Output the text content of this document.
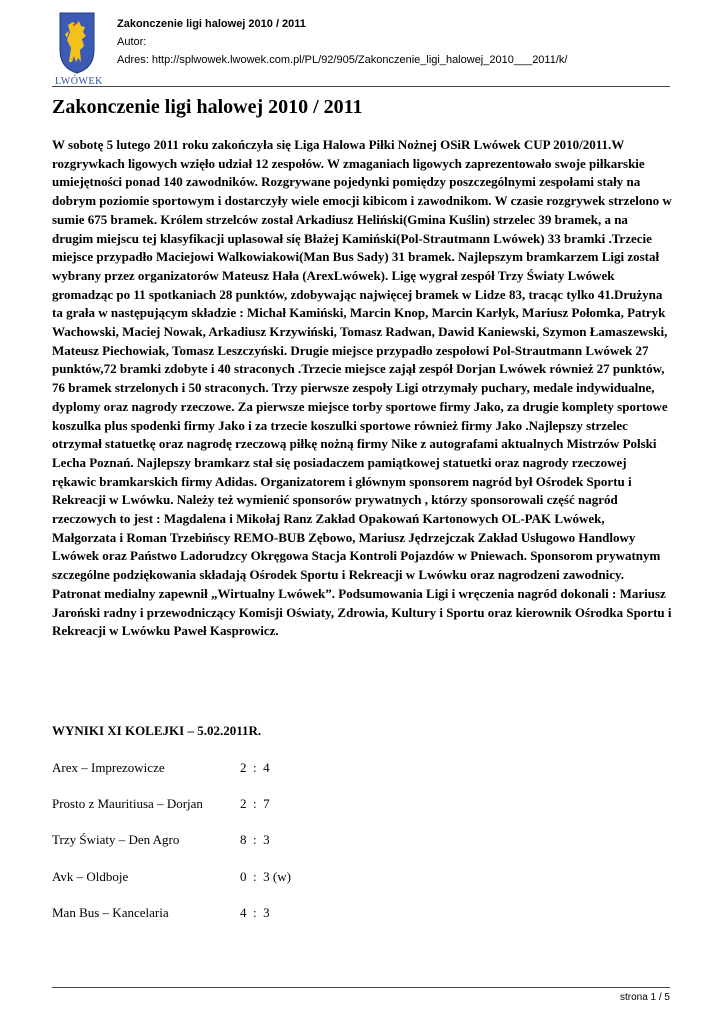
LWÓWEK
Zakonczenie ligi halowej 2010 / 2011
Autor:
Adres: http://splwowek.lwowek.com.pl/PL/92/905/Zakonczenie_ligi_halowej_2010___2011/k/
Zakonczenie ligi halowej 2010 / 2011

W sobotę 5 lutego 2011 roku zakończyła się Liga Halowa Piłki Nożnej OSiR Lwówek CUP 2010/2011.W rozgrywkach ligowych wzięło udział 12 zespołów. W zmaganiach ligowych zaprezentowało swoje piłkarskie umiejętności ponad 140 zawodników. Rozgrywane pojedynki pomiędzy poszczególnymi zespołami stały na dobrym poziomie sportowym i dostarczyły wiele emocji kibicom i zawodnikom. W czasie rozgrywek strzelono w sumie 675 bramek. Królem strzelców został Arkadiusz Heliński(Gmina Kuślin) strzelec 39 bramek, a na drugim miejscu tej klasyfikacji uplasował się Błażej Kamiński(Pol-Strautmann Lwówek) 33 bramki .Trzecie miejsce przypadło Maciejowi Walkowiakowi(Man Bus Sady) 31 bramek. Najlepszym bramkarzem Ligi został wybrany przez organizatorów Mateusz Hała (ArexLwówek). Ligę wygrał zespół Trzy Światy Lwówek gromadząc po 11 spotkaniach 28 punktów, zdobywając najwięcej bramek w Lidze 83, tracąc tylko 41.Drużyna ta grała w następującym składzie : Michał Kamiński, Marcin Knop, Marcin Karłyk, Mariusz Połomka, Patryk Wachowski, Maciej Nowak, Arkadiusz Krzywiński, Tomasz Radwan, Dawid Kaniewski, Szymon Łamaszewski, Mateusz Piechowiak, Tomasz Leszczyński. Drugie miejsce przypadło zespołowi Pol-Strautmann Lwówek 27 punktów,72 bramki zdobyte i 40 straconych .Trzecie miejsce zajął zespół Dorjan Lwówek również 27 punktów, 76 bramek strzelonych i 50 straconych. Trzy pierwsze zespoły Ligi otrzymały puchary, medale indywidualne, dyplomy oraz nagrody rzeczowe. Za pierwsze miejsce torby sportowe firmy Jako, za drugie komplety sportowe koszulka plus spodenki firmy Jako i za trzecie koszulki sportowe również firmy Jako .Najlepszy strzelec otrzymał statuetkę oraz nagrodę rzeczową piłkę nożną firmy Nike z autografami aktualnych Mistrzów Polski Lecha Poznań. Najlepszy bramkarz stał się posiadaczem pamiątkowej statuetki oraz nagrody rzeczowej rękawic bramkarskich firmy Adidas. Organizatorem i głównym sponsorem nagród był Ośrodek Sportu i Rekreacji w Lwówku. Należy też wymienić sponsorów prywatnych , którzy sponsorowali część nagród rzeczowych to jest : Magdalena i Mikołaj Ranz Zakład Opakowań Kartonowych OL-PAK Lwówek, Małgorzata i Roman Trzebińscy REMO-BUB Zębowo, Mariusz Jędrzejczak Zakład Usługowo Handlowy Lwówek oraz Państwo Ladorudzcy Okręgowa Stacja Kontroli Pojazdów w Pniewach. Sponsorom prywatnym szczególne podziękowania składają Ośrodek Sportu i Rekreacji w Lwówku oraz nagrodzeni zawodnicy. Patronat medialny zapewnił „Wirtualny Lwówek”. Podsumowania Ligi i wręczenia nagród dokonali : Mariusz Jaroński radny i przewodniczący Komisji Oświaty, Zdrowia, Kultury i Sportu oraz kierownik Ośrodka Sportu i Rekreacji w Lwówku Paweł Kasprowicz.

WYNIKI XI KOLEJKI – 5.02.2011R.
Arex – Imprezowicze	2  :  4
Prosto z Mauritiusa – Dorjan	2  :  7
Trzy Światy – Den Agro	8  :  3
Avk – Oldboje	0  :  3 (w)
Man Bus – Kancelaria	4  :  3
strona 1 / 5
